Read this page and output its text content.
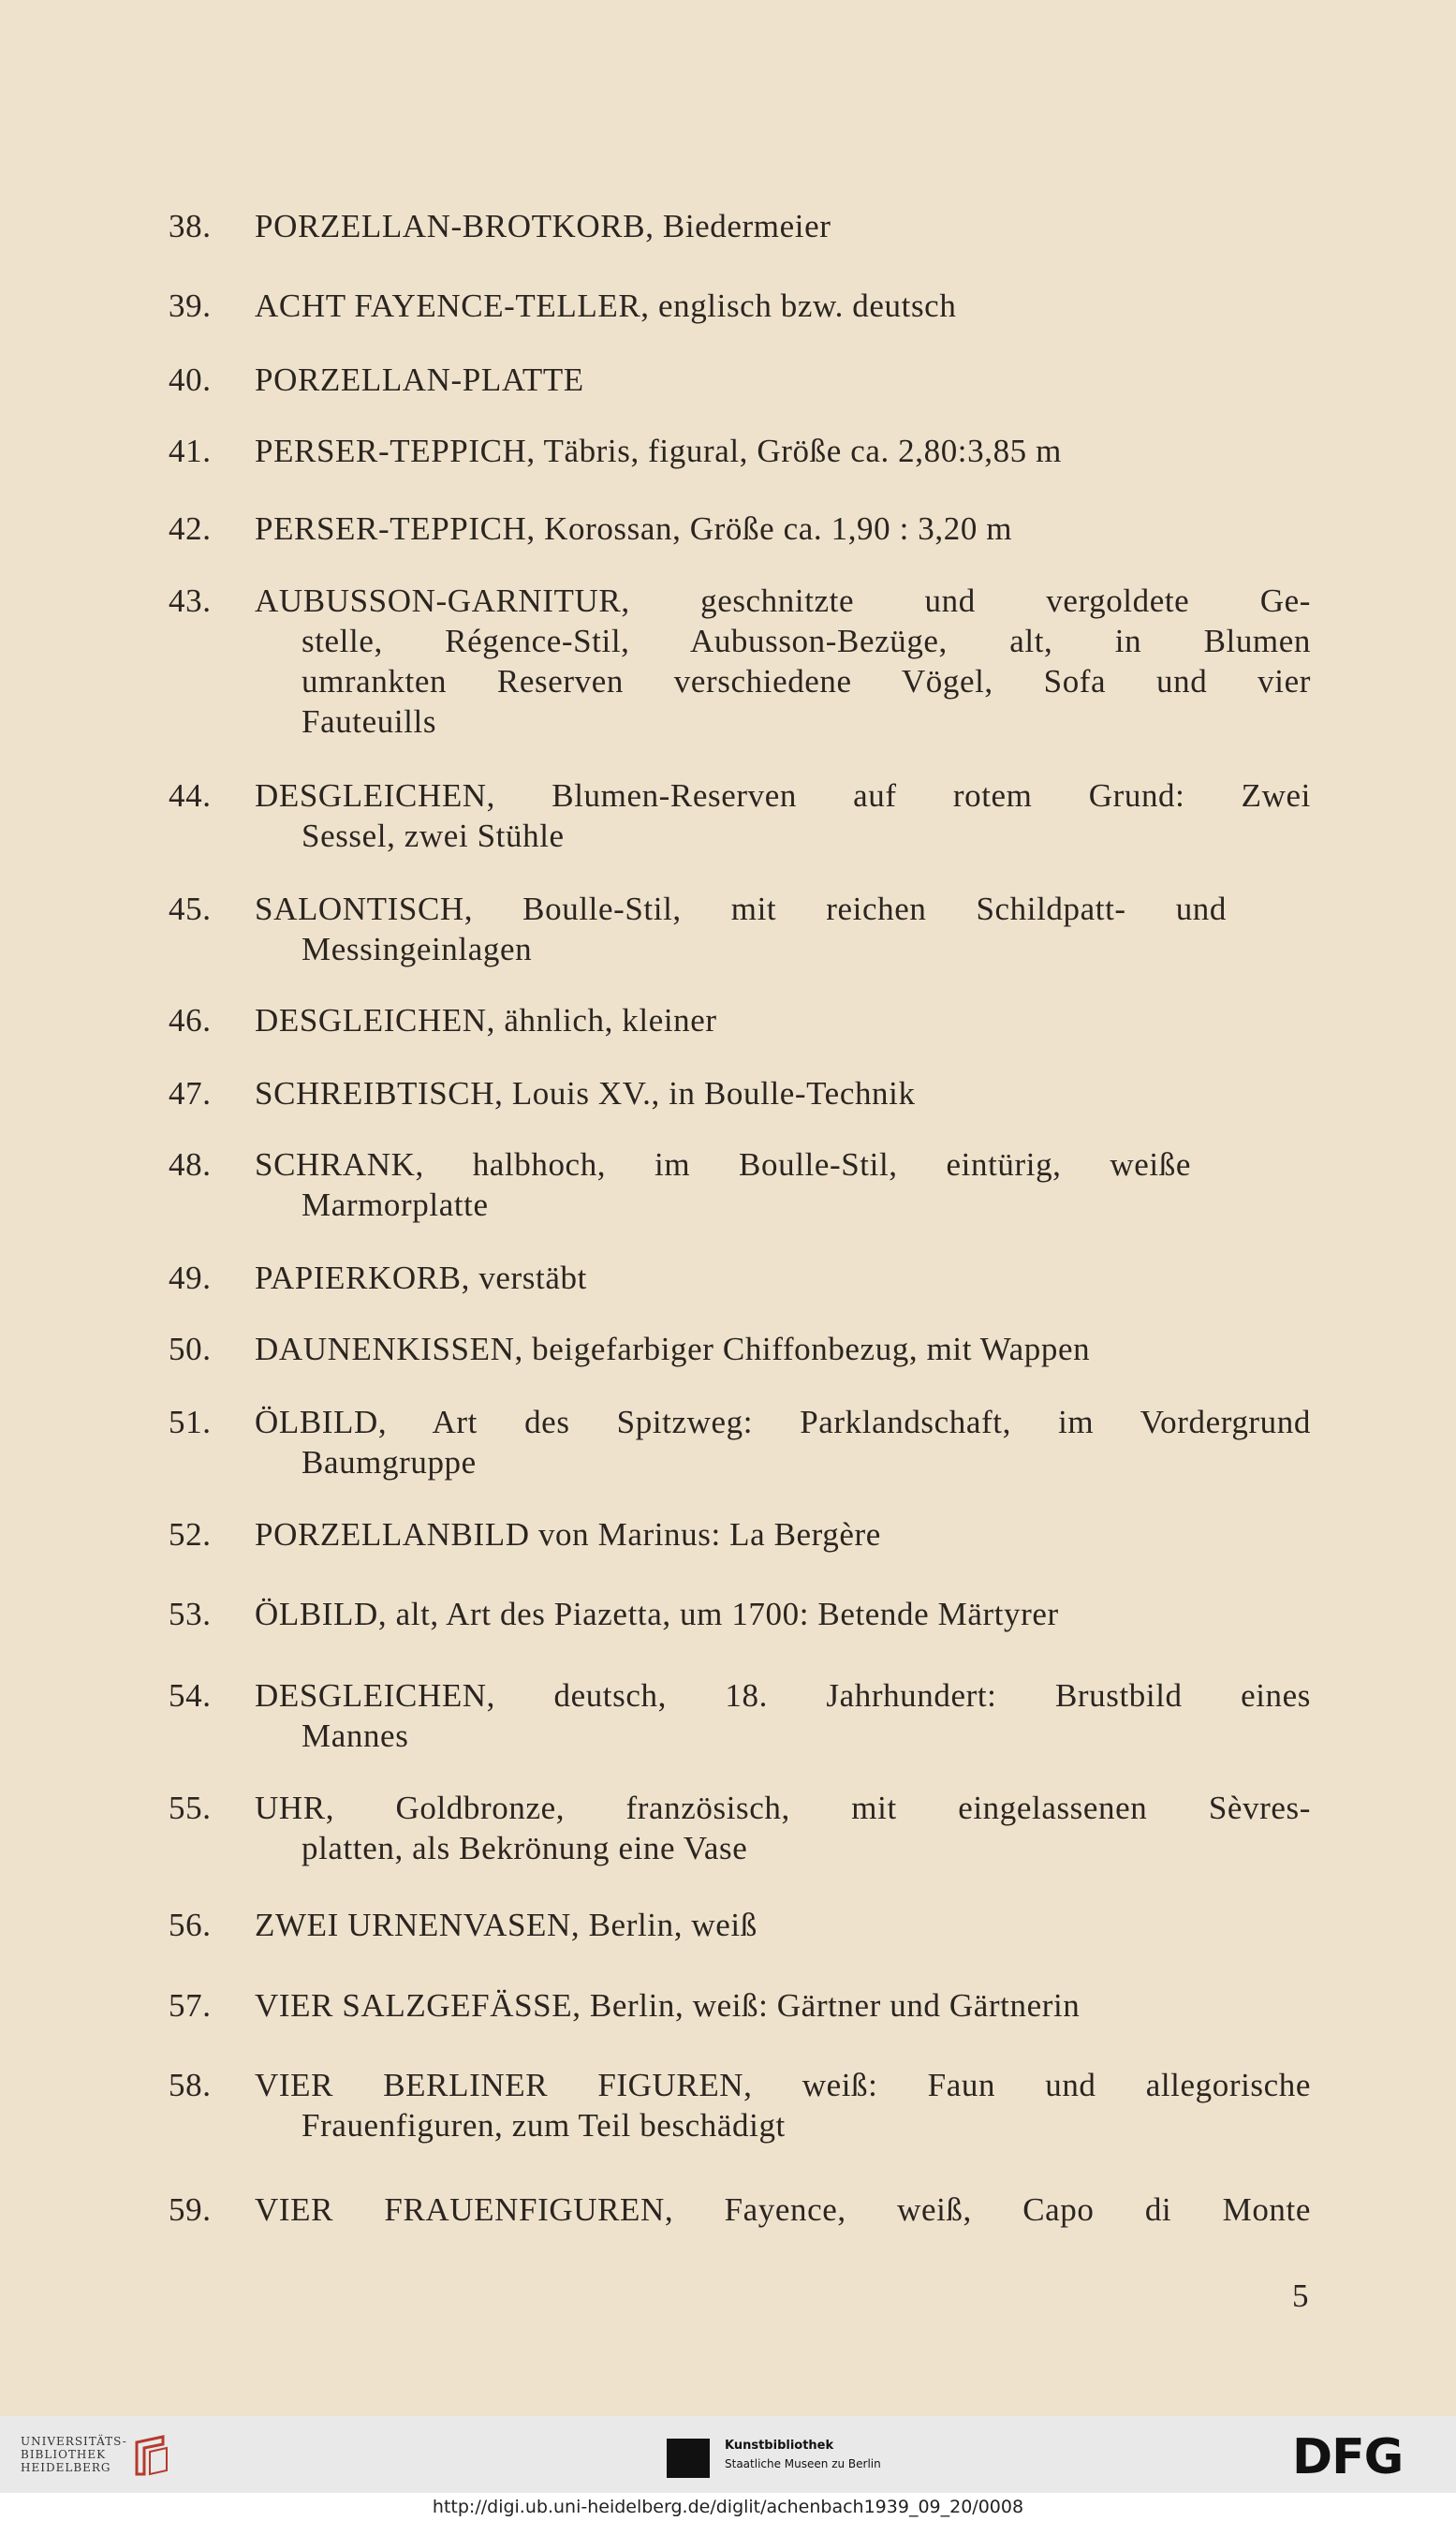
38.	PORZELLAN-BROTKORB, Biedermeier
39.	ACHT FAYENCE-TELLER, englisch bzw. deutsch
40.	PORZELLAN-PLATTE
41.	PERSER-TEPPICH, Täbris, figural, Größe ca. 2,80:3,85 m
42.	PERSER-TEPPICH, Korossan, Größe ca. 1,90 : 3,20 m
43.	AUBUSSON-GARNITUR, geschnitzte und vergoldete Ge-
stelle, Régence-Stil, Aubusson-Bezüge, alt, in Blumen
umrankten Reserven verschiedene Vögel, Sofa und vier
Fauteuills
44.	DESGLEICHEN, Blumen-Reserven auf rotem Grund: Zwei
Sessel, zwei Stühle
45.	SALONTISCH, Boulle-Stil, mit reichen Schildpatt- und
Messingeinlagen
46.	DESGLEICHEN, ähnlich, kleiner
47.	SCHREIBTISCH, Louis XV., in Boulle-Technik
48.	SCHRANK, halbhoch, im Boulle-Stil, eintürig, weiße
Marmorplatte
49.	PAPIERKORB, verstäbt
50.	DAUNENKISSEN, beigefarbiger Chiffonbezug, mit Wappen
51.	ÖLBILD, Art des Spitzweg: Parklandschaft, im Vordergrund
Baumgruppe
52.	PORZELLANBILD von Marinus: La Bergère
53.	ÖLBILD, alt, Art des Piazetta, um 1700: Betende Märtyrer
54.	DESGLEICHEN, deutsch, 18. Jahrhundert: Brustbild eines
Mannes
55.	UHR, Goldbronze, französisch, mit eingelassenen Sèvres-
platten, als Bekrönung eine Vase
56.	ZWEI URNENVASEN, Berlin, weiß
57.	VIER SALZGEFÄSSE, Berlin, weiß: Gärtner und Gärtnerin
58.	VIER BERLINER FIGUREN, weiß: Faun und allegorische
Frauenfiguren, zum Teil beschädigt
59.	VIER FRAUENFIGUREN, Fayence, weiß, Capo di Monte
5
UNIVERSITÄTS-
BIBLIOTHEK
HEIDELBERG
Kunstbibliothek
Staatliche Museen zu Berlin	DFG
http://digi.ub.uni-heidelberg.de/diglit/achenbach1939_09_20/0008
